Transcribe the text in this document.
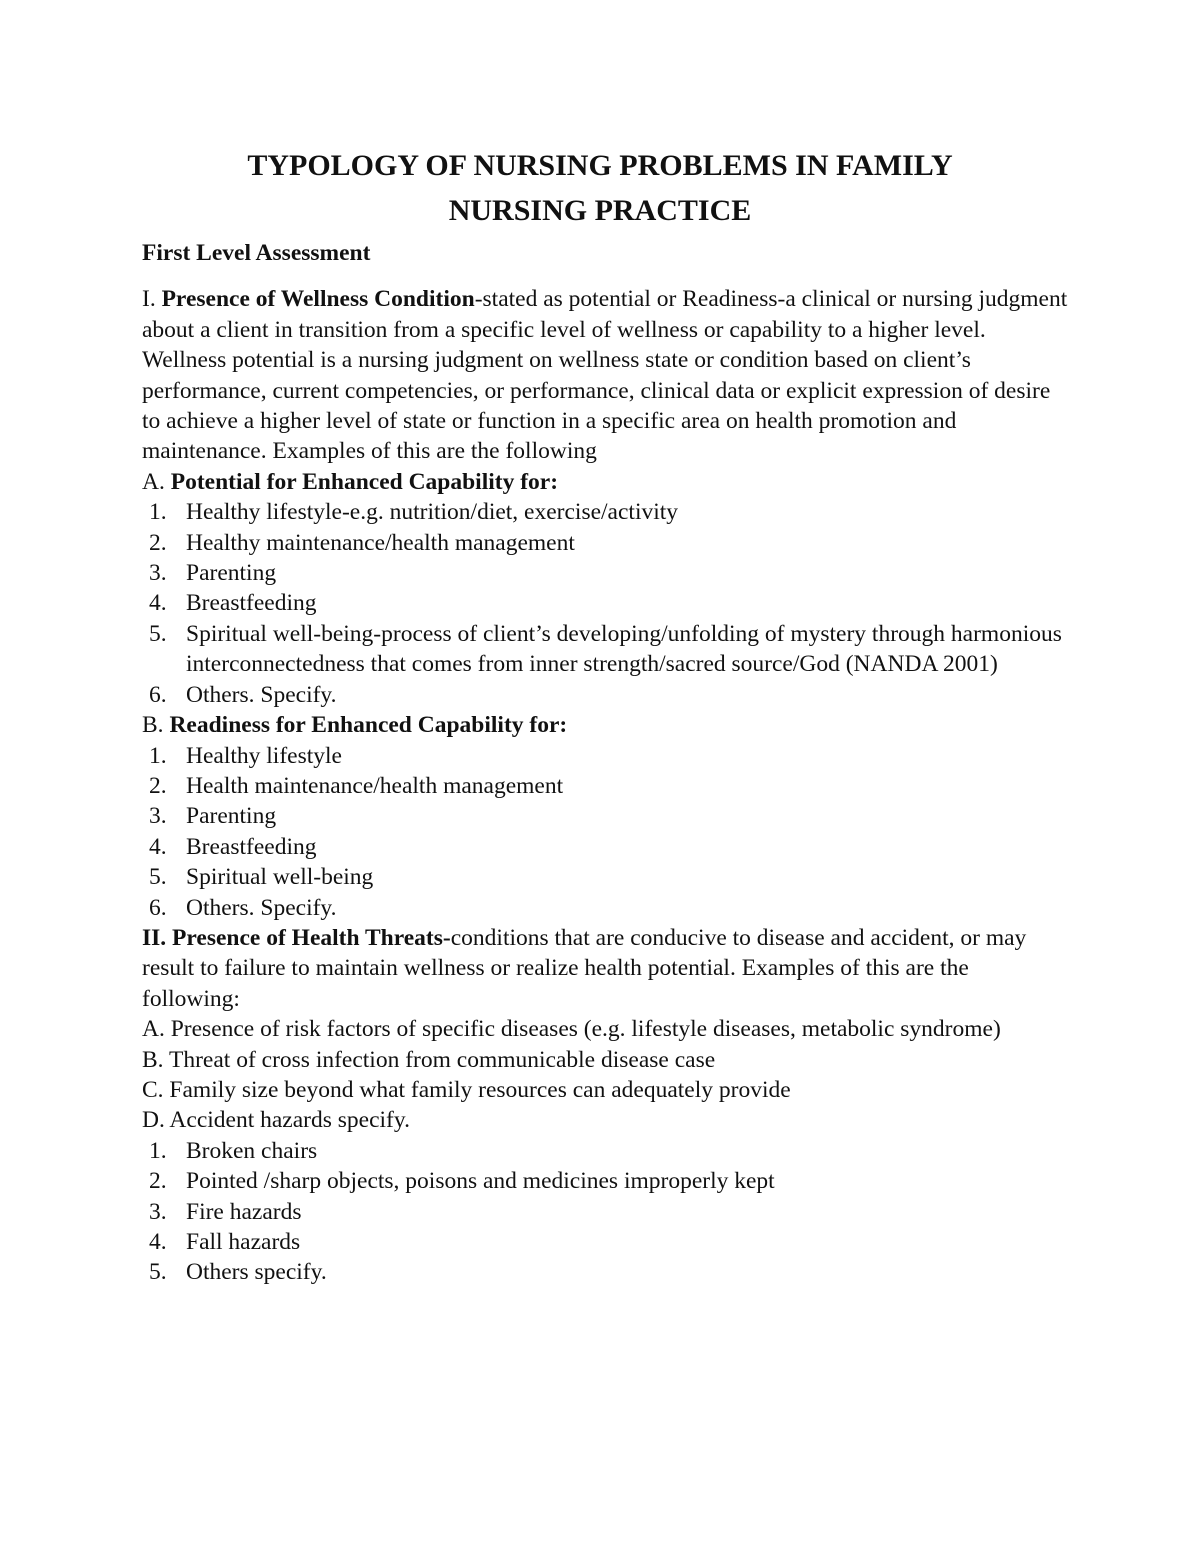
TYPOLOGY OF NURSING PROBLEMS IN FAMILY
NURSING PRACTICE

First Level Assessment

I. Presence of Wellness Condition-stated as potential or Readiness-a clinical or nursing judgment about a client in transition from a specific level of wellness or capability to a higher level. Wellness potential is a nursing judgment on wellness state or condition based on client’s performance, current competencies, or performance, clinical data or explicit expression of desire to achieve a higher level of state or function in a specific area on health promotion and maintenance. Examples of this are the following

A. Potential for Enhanced Capability for:

1. Healthy lifestyle-e.g. nutrition/diet, exercise/activity
2. Healthy maintenance/health management
3. Parenting
4. Breastfeeding
5. Spiritual well-being-process of client’s developing/unfolding of mystery through harmonious interconnectedness that comes from inner strength/sacred source/God (NANDA 2001)
6. Others. Specify.

B. Readiness for Enhanced Capability for:

1. Healthy lifestyle
2. Health maintenance/health management
3. Parenting
4. Breastfeeding
5. Spiritual well-being
6. Others. Specify.

II. Presence of Health Threats-conditions that are conducive to disease and accident, or may result to failure to maintain wellness or realize health potential. Examples of this are the following:

A. Presence of risk factors of specific diseases (e.g. lifestyle diseases, metabolic syndrome)

B. Threat of cross infection from communicable disease case

C. Family size beyond what family resources can adequately provide

D. Accident hazards specify.

1. Broken chairs
2. Pointed /sharp objects, poisons and medicines improperly kept
3. Fire hazards
4. Fall hazards
5. Others specify.
